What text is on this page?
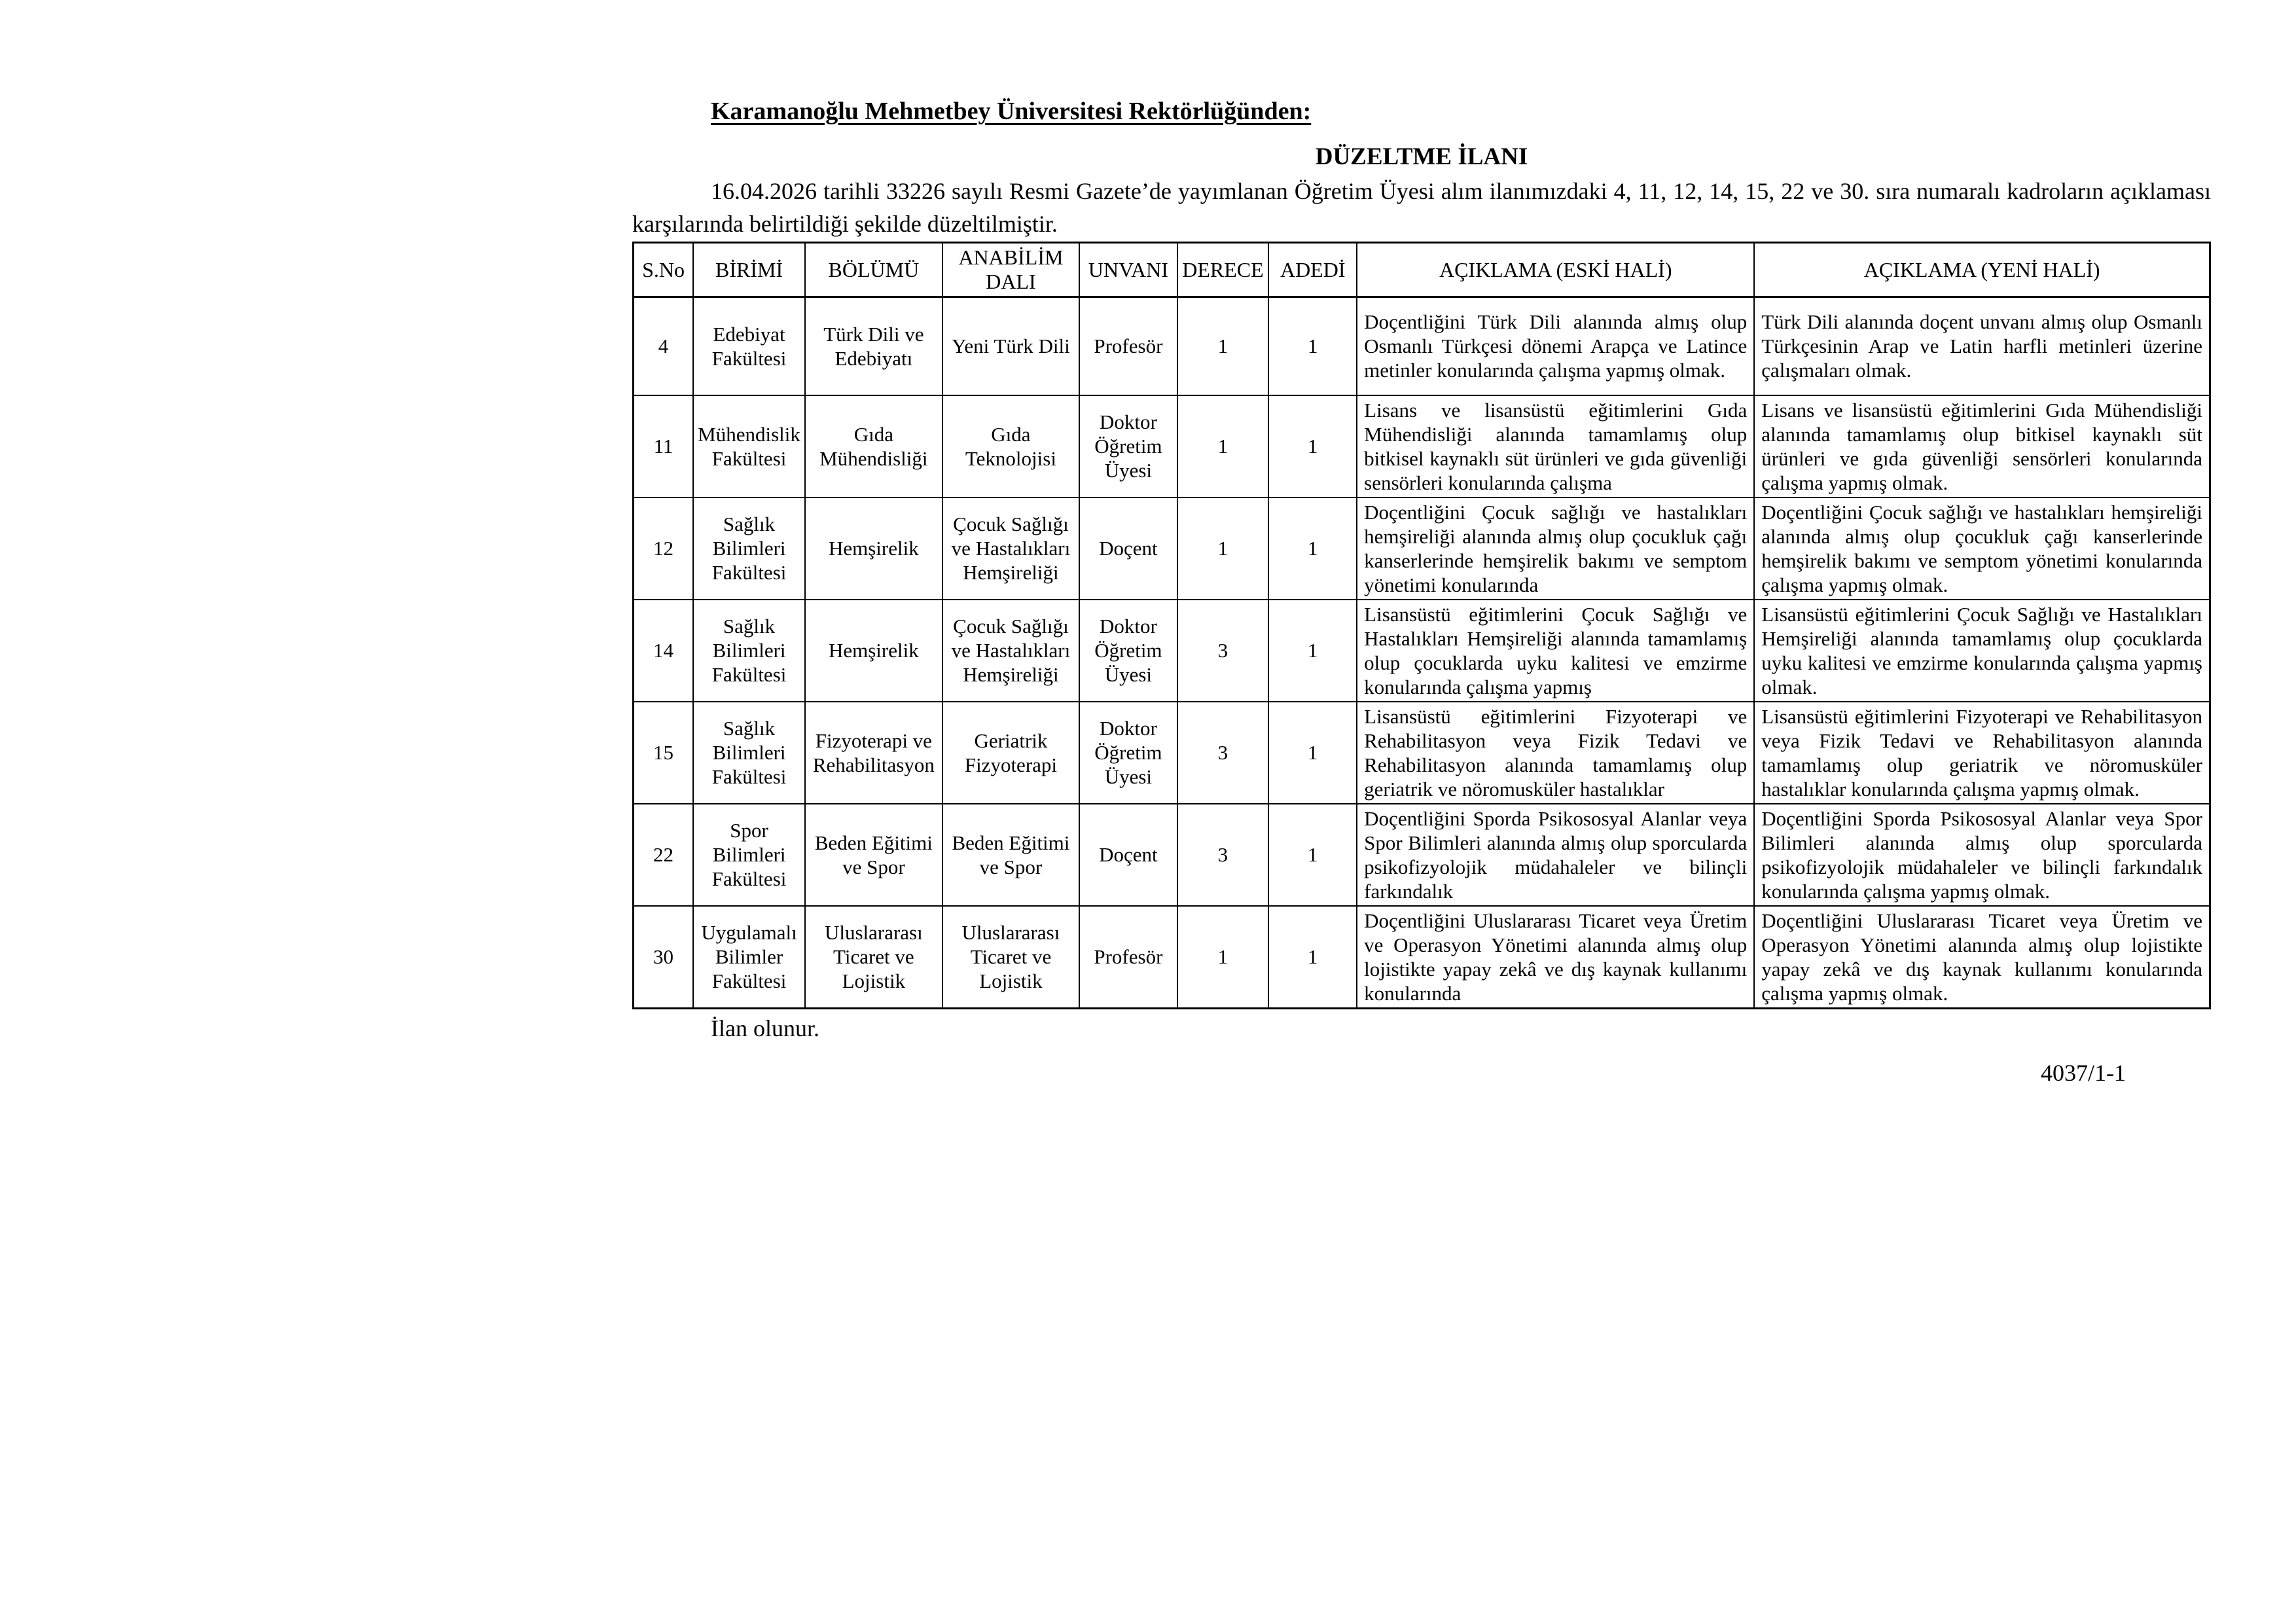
Karamanoğlu Mehmetbey Üniversitesi Rektörlüğünden:
DÜZELTME İLANI

16.04.2026 tarihli 33226 sayılı Resmi Gazete’de yayımlanan Öğretim Üyesi alım ilanımızdaki 4, 11, 12, 14, 15, 22 ve 30. sıra numaralı kadroların açıklaması karşılarında belirtildiği şekilde düzeltilmiştir.

S.No	BİRİMİ	BÖLÜMÜ	ANABİLİM DALI	UNVANI	DERECE	ADEDİ	AÇIKLAMA (ESKİ HALİ)	AÇIKLAMA (YENİ HALİ)
4	Edebiyat Fakültesi	Türk Dili ve Edebiyatı	Yeni Türk Dili	Profesör	1	1	Doçentliğini Türk Dili alanında almış olup Osmanlı Türkçesi dönemi Arapça ve Latince metinler konularında çalışma yapmış olmak.	Türk Dili alanında doçent unvanı almış olup Osmanlı Türkçesinin Arap ve Latin harfli metinleri üzerine çalışmaları olmak.
11	Mühendislik Fakültesi	Gıda Mühendisliği	Gıda Teknolojisi	Doktor Öğretim Üyesi	1	1	Lisans ve lisansüstü eğitimlerini Gıda Mühendisliği alanında tamamlamış olup bitkisel kaynaklı süt ürünleri ve gıda güvenliği sensörleri konularında çalışma	Lisans ve lisansüstü eğitimlerini Gıda Mühendisliği alanında tamamlamış olup bitkisel kaynaklı süt ürünleri ve gıda güvenliği sensörleri konularında çalışma yapmış olmak.
12	Sağlık Bilimleri Fakültesi	Hemşirelik	Çocuk Sağlığı ve Hastalıkları Hemşireliği	Doçent	1	1	Doçentliğini Çocuk sağlığı ve hastalıkları hemşireliği alanında almış olup çocukluk çağı kanserlerinde hemşirelik bakımı ve semptom yönetimi konularında	Doçentliğini Çocuk sağlığı ve hastalıkları hemşireliği alanında almış olup çocukluk çağı kanserlerinde hemşirelik bakımı ve semptom yönetimi konularında çalışma yapmış olmak.
14	Sağlık Bilimleri Fakültesi	Hemşirelik	Çocuk Sağlığı ve Hastalıkları Hemşireliği	Doktor Öğretim Üyesi	3	1	Lisansüstü eğitimlerini Çocuk Sağlığı ve Hastalıkları Hemşireliği alanında tamamlamış olup çocuklarda uyku kalitesi ve emzirme konularında çalışma yapmış	Lisansüstü eğitimlerini Çocuk Sağlığı ve Hastalıkları Hemşireliği alanında tamamlamış olup çocuklarda uyku kalitesi ve emzirme konularında çalışma yapmış olmak.
15	Sağlık Bilimleri Fakültesi	Fizyoterapi ve Rehabilitasyon	Geriatrik Fizyoterapi	Doktor Öğretim Üyesi	3	1	Lisansüstü eğitimlerini Fizyoterapi ve Rehabilitasyon veya Fizik Tedavi ve Rehabilitasyon alanında tamamlamış olup geriatrik ve nöromusküler hastalıklar	Lisansüstü eğitimlerini Fizyoterapi ve Rehabilitasyon veya Fizik Tedavi ve Rehabilitasyon alanında tamamlamış olup geriatrik ve nöromusküler hastalıklar konularında çalışma yapmış olmak.
22	Spor Bilimleri Fakültesi	Beden Eğitimi ve Spor	Beden Eğitimi ve Spor	Doçent	3	1	Doçentliğini Sporda Psikososyal Alanlar veya Spor Bilimleri alanında almış olup sporcularda psikofizyolojik müdahaleler ve bilinçli farkındalık	Doçentliğini Sporda Psikososyal Alanlar veya Spor Bilimleri alanında almış olup sporcularda psikofizyolojik müdahaleler ve bilinçli farkındalık konularında çalışma yapmış olmak.
30	Uygulamalı Bilimler Fakültesi	Uluslararası Ticaret ve Lojistik	Uluslararası Ticaret ve Lojistik	Profesör	1	1	Doçentliğini Uluslararası Ticaret veya Üretim ve Operasyon Yönetimi alanında almış olup lojistikte yapay zekâ ve dış kaynak kullanımı konularında	Doçentliğini Uluslararası Ticaret veya Üretim ve Operasyon Yönetimi alanında almış olup lojistikte yapay zekâ ve dış kaynak kullanımı konularında çalışma yapmış olmak.

İlan olunur.

4037/1-1
